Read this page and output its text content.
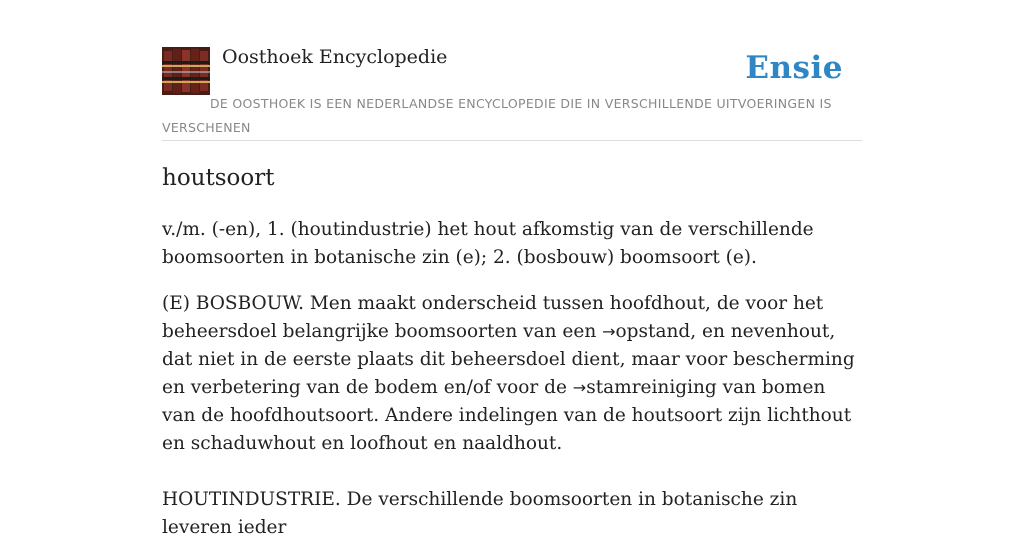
Oosthoek Encyclopedie	Ensie
DE OOSTHOEK IS EEN NEDERLANDSE ENCYCLOPEDIE DIE IN VERSCHILLENDE UITVOERINGEN IS VERSCHENEN
houtsoort

v./m. (-en), 1. (houtindustrie) het hout afkomstig van de verschillende boomsoorten in botanische zin (e); 2. (bosbouw) boomsoort (e).

(E) BOSBOUW. Men maakt onderscheid tussen hoofdhout, de voor het beheersdoel belangrijke boomsoorten van een →opstand, en nevenhout, dat niet in de eerste plaats dit beheersdoel dient, maar voor bescherming en verbetering van de bodem en/of voor de →stamreiniging van bomen van de hoofdhoutsoort. Andere indelingen van de houtsoort zijn lichthout en schaduwhout en loofhout en naaldhout.

HOUTINDUSTRIE. De verschillende boomsoorten in botanische zin leveren ieder
